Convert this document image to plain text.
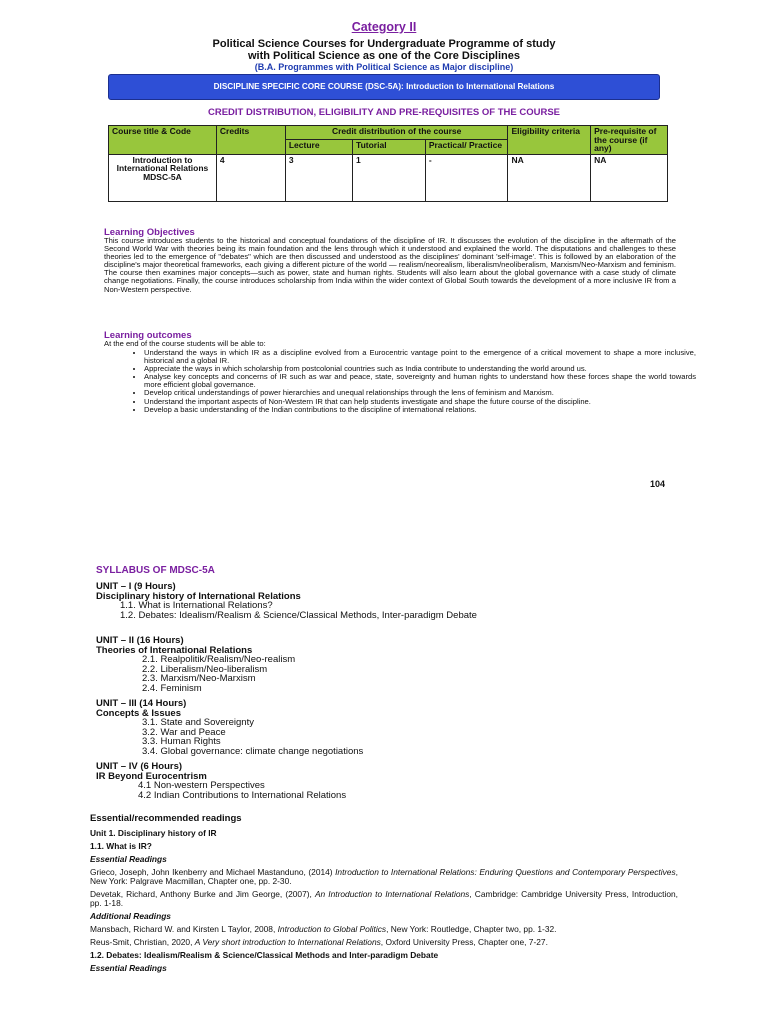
Category II
Political Science Courses for Undergraduate Programme of study
with Political Science as one of the Core Disciplines
(B.A. Programmes with Political Science as Major discipline)
DISCIPLINE SPECIFIC CORE COURSE (DSC-5A): Introduction to International Relations
CREDIT DISTRIBUTION, ELIGIBILITY AND PRE-REQUISITES OF THE COURSE
Course title & Code	Credits	Credit distribution of the course			Eligibility criteria	Pre-requisite of the course (if any)
		Lecture	Tutorial	Practical/ Practice		
Introduction to International Relations MDSC-5A	4	3	1	-	NA	NA
Learning Objectives
This course introduces students to the historical and conceptual foundations of the discipline of IR. It discusses the evolution of the discipline in the aftermath of the Second World War with theories being its main foundation and the lens through which it understood and explained the world. The disputations and challenges to these theories led to the emergence of "debates" which are then discussed and understood as the disciplines' dominant 'self-image'. This is followed by an elaboration of the discipline's major theoretical frameworks, each giving a different picture of the world — realism/neorealism, liberalism/neoliberalism, Marxism/Neo-Marxism and feminism. The course then examines major concepts—such as power, state and human rights. Students will also learn about the global governance with a case study of climate change negotiations. Finally, the course introduces scholarship from India within the wider context of Global South towards the development of a more inclusive IR from a Non-Western perspective.
Learning outcomes
At the end of the course students will be able to:
• Understand the ways in which IR as a discipline evolved from a Eurocentric vantage point to the emergence of a critical movement to shape a more inclusive, historical and a global IR.
• Appreciate the ways in which scholarship from postcolonial countries such as India contribute to understanding the world around us.
• Analyse key concepts and concerns of IR such as war and peace, state, sovereignty and human rights to understand how these forces shape the world towards more efficient global governance.
• Develop critical understandings of power hierarchies and unequal relationships through the lens of feminism and Marxism.
• Understand the important aspects of Non-Western IR that can help students investigate and shape the future course of the discipline.
• Develop a basic understanding of the Indian contributions to the discipline of international relations.
104
SYLLABUS OF MDSC-5A
UNIT – I (9 Hours)
Disciplinary history of International Relations
1.1. What is International Relations?
1.2. Debates: Idealism/Realism & Science/Classical Methods, Inter-paradigm Debate
UNIT – II (16 Hours)
Theories of International Relations
2.1. Realpolitik/Realism/Neo-realism
2.2. Liberalism/Neo-liberalism
2.3. Marxism/Neo-Marxism
2.4. Feminism
UNIT – III (14 Hours)
Concepts & Issues
3.1. State and Sovereignty
3.2. War and Peace
3.3. Human Rights
3.4. Global governance: climate change negotiations
UNIT – IV (6 Hours)
IR Beyond Eurocentrism
4.1 Non-western Perspectives
4.2 Indian Contributions to International Relations

Essential/recommended readings

Unit 1. Disciplinary history of IR

1.1. What is IR?

Essential Readings

Grieco, Joseph, John Ikenberry and Michael Mastanduno, (2014) Introduction to International Relations: Enduring Questions and Contemporary Perspectives, New York: Palgrave Macmillan, Chapter one, pp. 2-30.

Devetak, Richard, Anthony Burke and Jim George, (2007), An Introduction to International Relations, Cambridge: Cambridge University Press, Introduction, pp. 1-18.

Additional Readings

Mansbach, Richard W. and Kirsten L Taylor, 2008, Introduction to Global Politics, New York: Routledge, Chapter two, pp. 1-32.

Reus-Smit, Christian, 2020, A Very short introduction to International Relations, Oxford University Press, Chapter one, 7-27.

1.2. Debates: Idealism/Realism & Science/Classical Methods and Inter-paradigm Debate

Essential Readings
